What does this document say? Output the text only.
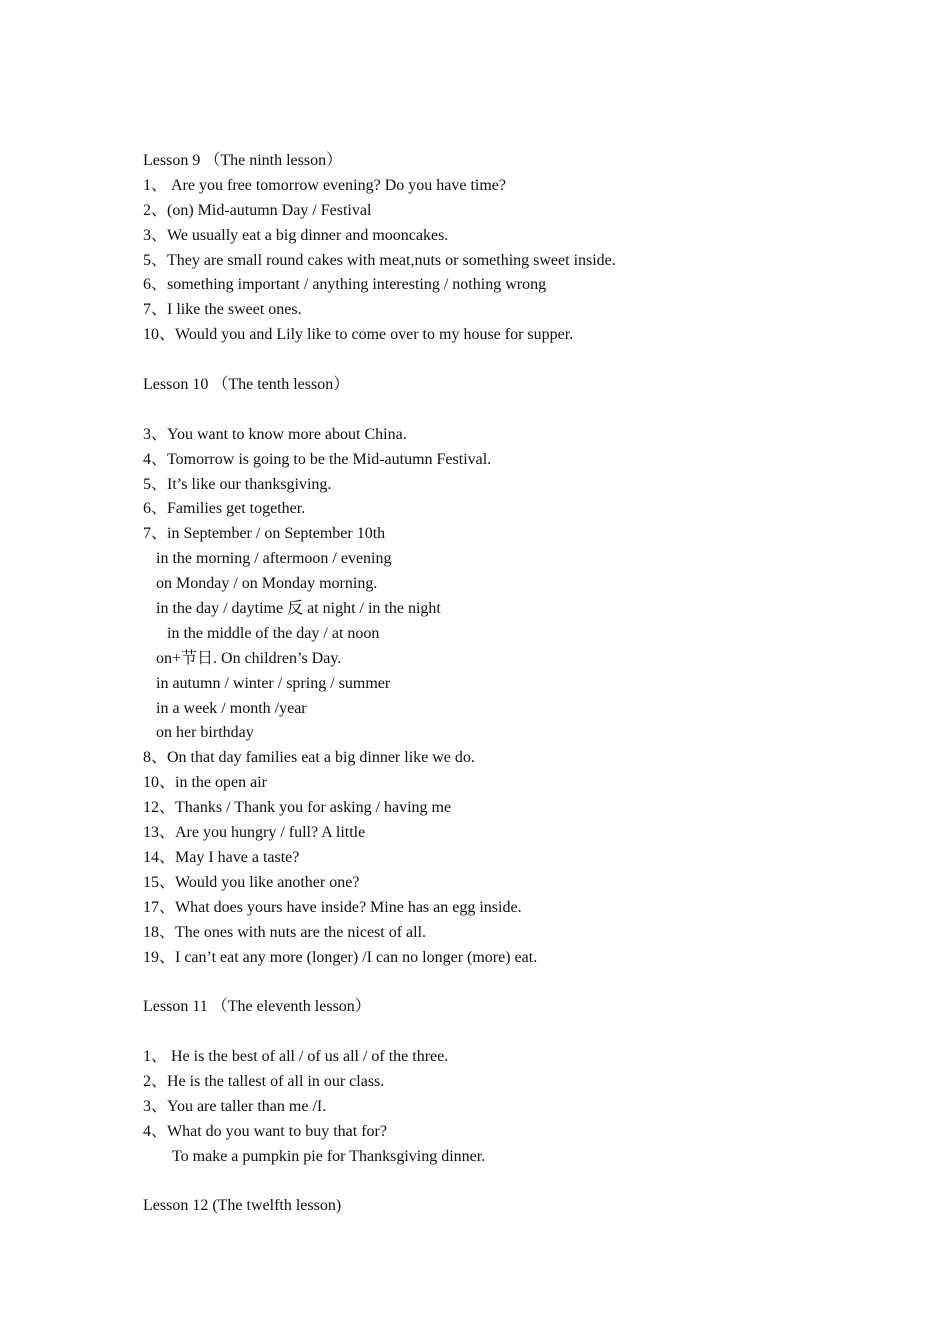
Lesson 9 （The ninth lesson）
1、 Are you free tomorrow evening? Do you have time?
2、(on) Mid-autumn Day / Festival
3、We usually eat a big dinner and mooncakes.
5、They are small round cakes with meat,nuts or something sweet inside.
6、something important / anything interesting / nothing wrong
7、I like the sweet ones.
10、Would you and Lily like to come over to my house for supper.
Lesson 10 （The tenth lesson）
3、You want to know more about China.
4、Tomorrow is going to be the Mid-autumn Festival.
5、It’s like our thanksgiving.
6、Families get together.
7、in September / on September 10th
in the morning / aftermoon / evening
on Monday / on Monday morning.
in the day / daytime 反 at night / in the night
in the middle of the day / at noon
on+节日. On children’s Day.
in autumn / winter / spring / summer
in a week / month /year
on her birthday
8、On that day families eat a big dinner like we do.
10、in the open air
12、Thanks / Thank you for asking / having me
13、Are you hungry / full? A little
14、May I have a taste?
15、Would you like another one?
17、What does yours have inside? Mine has an egg inside.
18、The ones with nuts are the nicest of all.
19、I can’t eat any more (longer) /I can no longer (more) eat.
Lesson 11 （The eleventh lesson）
1、 He is the best of all / of us all / of the three.
2、He is the tallest of all in our class.
3、You are taller than me /I.
4、What do you want to buy that for?
To make a pumpkin pie for Thanksgiving dinner.
Lesson 12 (The twelfth lesson)
